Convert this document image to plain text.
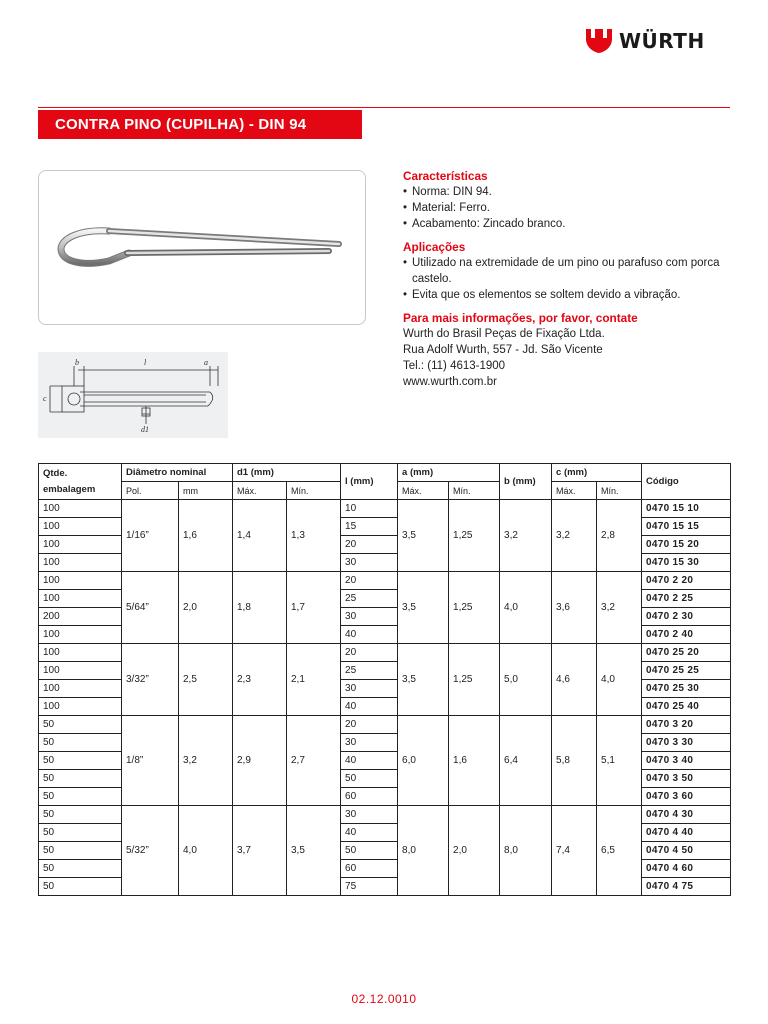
WÜRTH
CONTRA PINO (CUPILHA) - DIN 94
b	l	a
c
d1
Características
• Norma: DIN 94.
• Material: Ferro.
• Acabamento: Zincado branco.
Aplicações
• Utilizado na extremidade de um pino ou parafuso com porca castelo.
• Evita que os elementos se soltem devido a vibração.
Para mais informações, por favor, contate
Wurth do Brasil Peças de Fixação Ltda.
Rua Adolf Wurth, 557 - Jd. São Vicente
Tel.: (11) 4613-1900
www.wurth.com.br
Qtde. embalagem	Diâmetro nominal		d1 (mm)		l (mm)	a (mm)		b (mm)	c (mm)		Código
	Pol.	mm	Máx.	Mín.		Máx.	Mín.		Máx.	Mín.	
100	1/16”	1,6	1,4	1,3	10	3,5	1,25	3,2	3,2	2,8	0470 15 10
100					15						0470 15 15
100					20						0470 15 20
100					30						0470 15 30
100	5/64”	2,0	1,8	1,7	20	3,5	1,25	4,0	3,6	3,2	0470 2 20
100					25						0470 2 25
200					30						0470 2 30
100					40						0470 2 40
100	3/32”	2,5	2,3	2,1	20	3,5	1,25	5,0	4,6	4,0	0470 25 20
100					25						0470 25 25
100					30						0470 25 30
100					40						0470 25 40
50	1/8”	3,2	2,9	2,7	20	6,0	1,6	6,4	5,8	5,1	0470 3 20
50					30						0470 3 30
50					40						0470 3 40
50					50						0470 3 50
50					60						0470 3 60
50	5/32”	4,0	3,7	3,5	30	8,0	2,0	8,0	7,4	6,5	0470 4 30
50					40						0470 4 40
50					50						0470 4 50
50					60						0470 4 60
50					75						0470 4 75
02.12.0010
